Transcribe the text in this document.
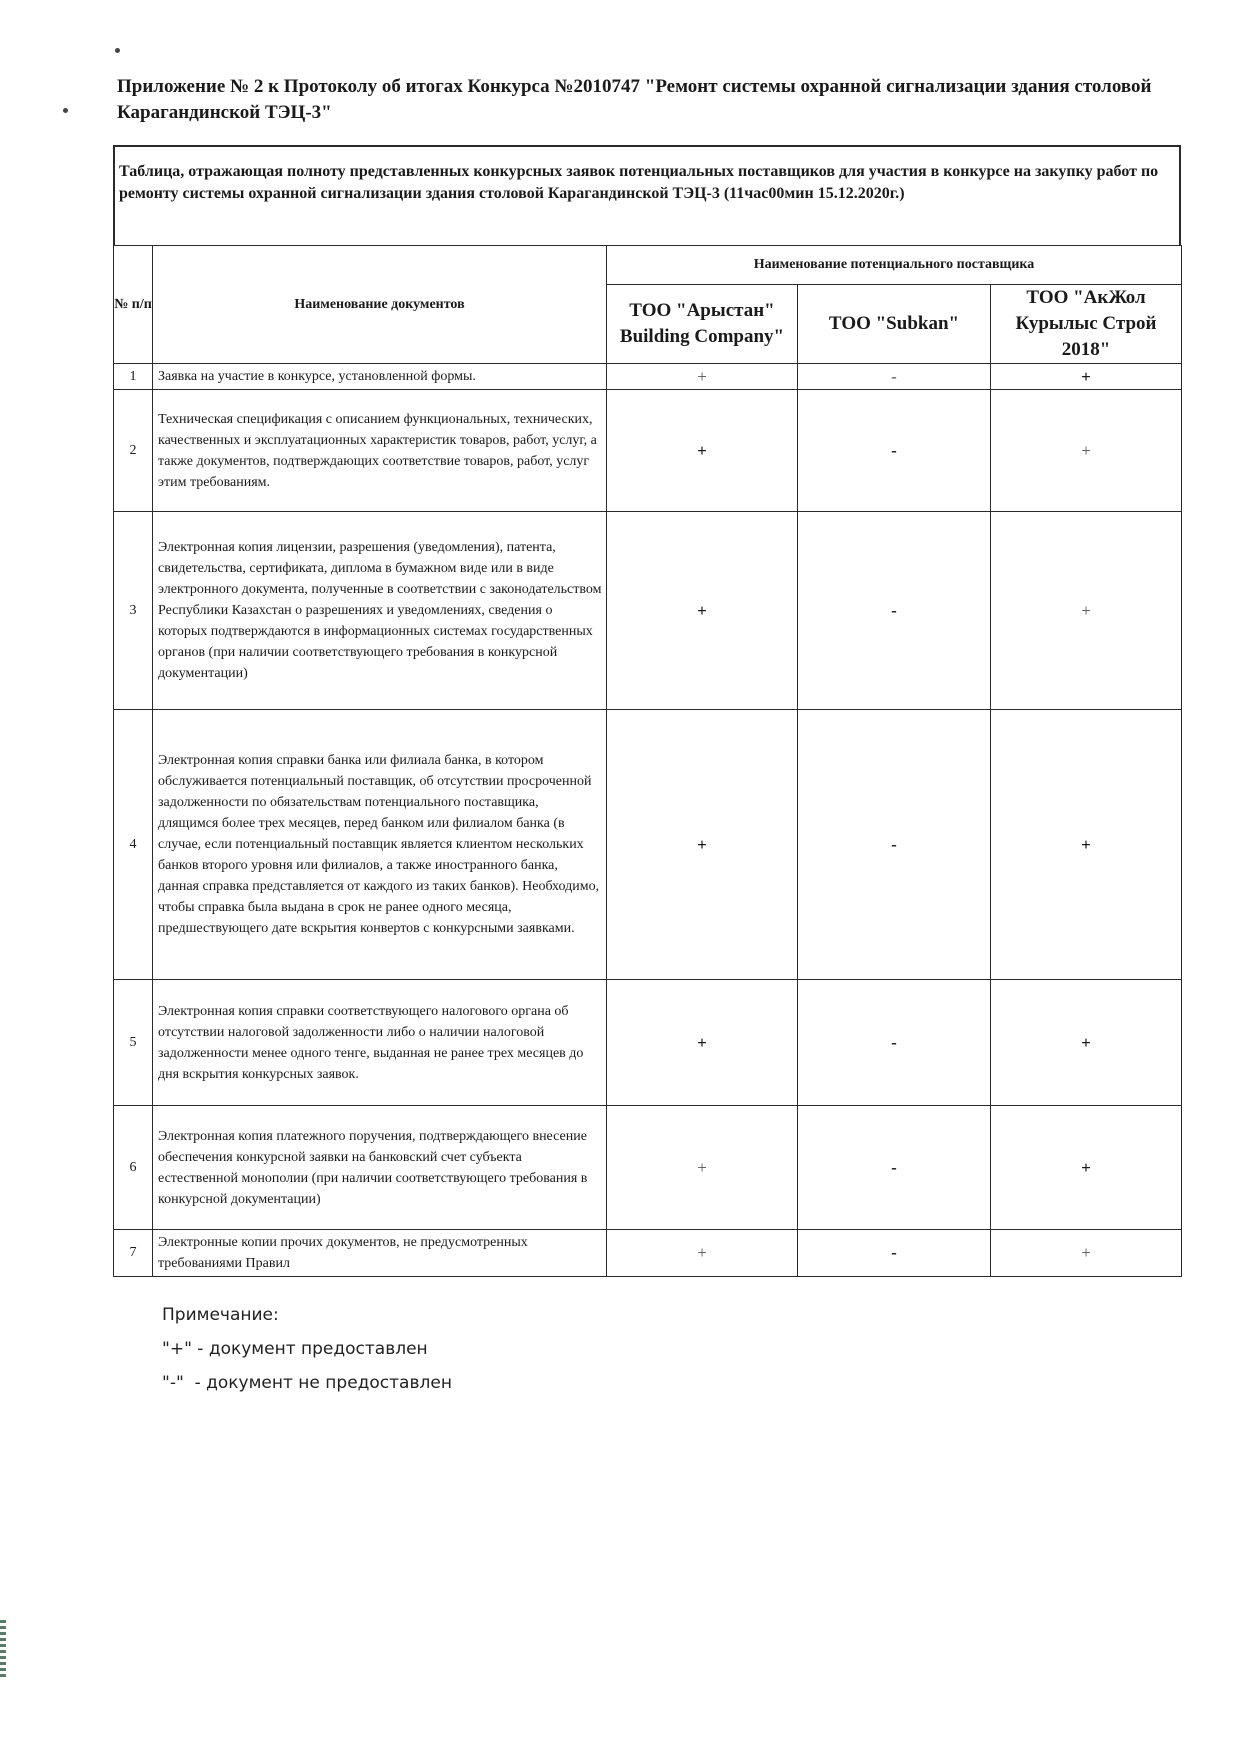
Приложение № 2 к Протоколу об итогах Конкурса №2010747 "Ремонт системы охранной сигнализации здания столовой Карагандинской ТЭЦ-3"
Таблица, отражающая полноту представленных конкурсных заявок потенциальных поставщиков для участия в конкурсе на закупку работ по ремонту системы охранной сигнализации здания столовой Карагандинской ТЭЦ-3 (11час00мин 15.12.2020г.)
№ п/п	Наименование документов	Наименование потенциального поставщика		
		ТОО "Арыстан" Building Company"	ТОО "Subkan"	ТОО "АкЖол Курылыс Строй 2018"
1	Заявка на участие в конкурсе, установленной формы.	+	-	+
2	Техническая спецификация с описанием функциональных, технических, качественных и эксплуатационных характеристик товаров, работ, услуг, а также документов, подтверждающих соответствие товаров, работ, услуг этим требованиям.	+	-	+
3	Электронная копия лицензии, разрешения (уведомления), патента, свидетельства, сертификата, диплома в бумажном виде или в виде электронного документа, полученные в соответствии с законодательством Республики Казахстан о разрешениях и уведомлениях, сведения о которых подтверждаются в информационных системах государственных органов (при наличии соответствующего требования в конкурсной документации)	+	-	+
4	Электронная копия справки банка или филиала банка, в котором обслуживается потенциальный поставщик, об отсутствии просроченной задолженности по обязательствам потенциального поставщика, длящимся более трех месяцев, перед банком или филиалом банка (в случае, если потенциальный поставщик является клиентом нескольких банков второго уровня или филиалов, а также иностранного банка, данная справка представляется от каждого из таких банков). Необходимо, чтобы справка была выдана в срок не ранее одного месяца, предшествующего дате вскрытия конвертов с конкурсными заявками.	+	-	+
5	Электронная копия справки соответствующего налогового органа об отсутствии налоговой задолженности либо о наличии налоговой задолженности менее одного тенге, выданная не ранее трех месяцев до дня вскрытия конкурсных заявок.	+	-	+
6	Электронная копия платежного поручения, подтверждающего внесение обеспечения конкурсной заявки на банковский счет субъекта естественной монополии (при наличии соответствующего требования в конкурсной документации)	+	-	+
7	Электронные копии прочих документов, не предусмотренных требованиями Правил	+	-	+
Примечание:
"+" - документ предоставлен
"-"  - документ не предоставлен
